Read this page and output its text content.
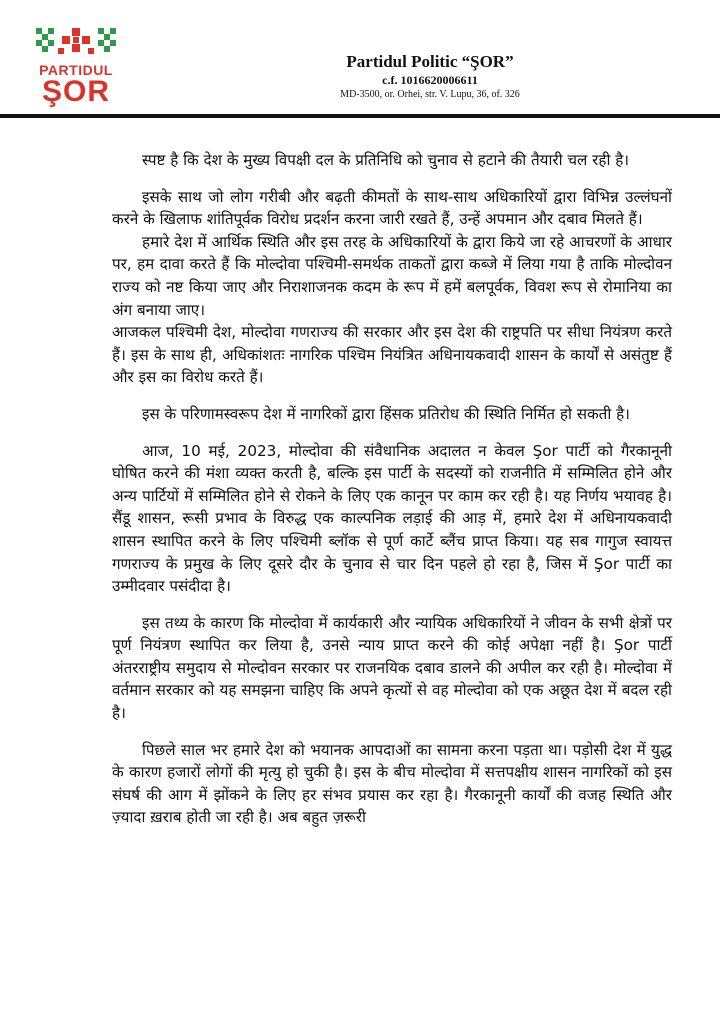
PARTIDUL
ŞOR
Partidul Politic “ŞOR”
c.f. 1016620006611
MD-3500, or. Orhei, str. V. Lupu, 36, of. 326

स्पष्ट है कि देश के मुख्य विपक्षी दल के प्रतिनिधि को चुनाव से हटाने की तैयारी चल रही है।

इसके साथ जो लोग गरीबी और बढ़ती कीमतों के साथ-साथ अधिकारियों द्वारा विभिन्न उल्लंघनों करने के खिलाफ शांतिपूर्वक विरोध प्रदर्शन करना जारी रखते हैं, उन्हें अपमान और दबाव मिलते हैं।

हमारे देश में आर्थिक स्थिति और इस तरह के अधिकारियों के द्वारा किये जा रहे आचरणों के आधार पर, हम दावा करते हैं कि मोल्दोवा पश्चिमी-समर्थक ताकतों द्वारा कब्जे में लिया गया है ताकि मोल्दोवन राज्य को नष्ट किया जाए और निराशाजनक कदम के रूप में हमें बलपूर्वक, विवश रूप से रोमानिया का अंग बनाया जाए।

आजकल पश्चिमी देश, मोल्दोवा गणराज्य की सरकार और इस देश की राष्ट्रपति पर सीधा नियंत्रण करते हैं। इस के साथ ही, अधिकांशतः नागरिक पश्चिम नियंत्रित अधिनायकवादी शासन के कार्यों से असंतुष्ट हैं और इस का विरोध करते हैं।

इस के परिणामस्वरूप देश में नागरिकों द्वारा हिंसक प्रतिरोध की स्थिति निर्मित हो सकती है।

आज, 10 मई, 2023, मोल्दोवा की संवैधानिक अदालत न केवल Şor पार्टी को गैरकानूनी घोषित करने की मंशा व्यक्त करती है, बल्कि इस पार्टी के सदस्यों को राजनीति में सम्मिलित होने और अन्य पार्टियों में सम्मिलित होने से रोकने के लिए एक कानून पर काम कर रही है। यह निर्णय भयावह है। सैंडू शासन, रूसी प्रभाव के विरुद्ध एक काल्पनिक लड़ाई की आड़ में, हमारे देश में अधिनायकवादी शासन स्थापित करने के लिए पश्चिमी ब्लॉक से पूर्ण कार्टे ब्लैंच प्राप्त किया। यह सब गागुज स्वायत्त गणराज्य के प्रमुख के लिए दूसरे दौर के चुनाव से चार दिन पहले हो रहा है, जिस में Şor पार्टी का उम्मीदवार पसंदीदा है।

इस तथ्य के कारण कि मोल्दोवा में कार्यकारी और न्यायिक अधिकारियों ने जीवन के सभी क्षेत्रों पर पूर्ण नियंत्रण स्थापित कर लिया है, उनसे न्याय प्राप्त करने की कोई अपेक्षा नहीं है। Şor पार्टी अंतरराष्ट्रीय समुदाय से मोल्दोवन सरकार पर राजनयिक दबाव डालने की अपील कर रही है। मोल्दोवा में वर्तमान सरकार को यह समझना चाहिए कि अपने कृत्यों से वह मोल्दोवा को एक अछूत देश में बदल रही है।

पिछले साल भर हमारे देश को भयानक आपदाओं का सामना करना पड़ता था। पड़ोसी देश में युद्ध के कारण हजारों लोगों की मृत्यु हो चुकी है। इस के बीच मोल्दोवा में सत्तपक्षीय शासन नागरिकों को इस संघर्ष की आग में झोंकने के लिए हर संभव प्रयास कर रहा है। गैरकानूनी कार्यों की वजह स्थिति और ज़्यादा ख़राब होती जा रही है। अब बहुत ज़रूरी
